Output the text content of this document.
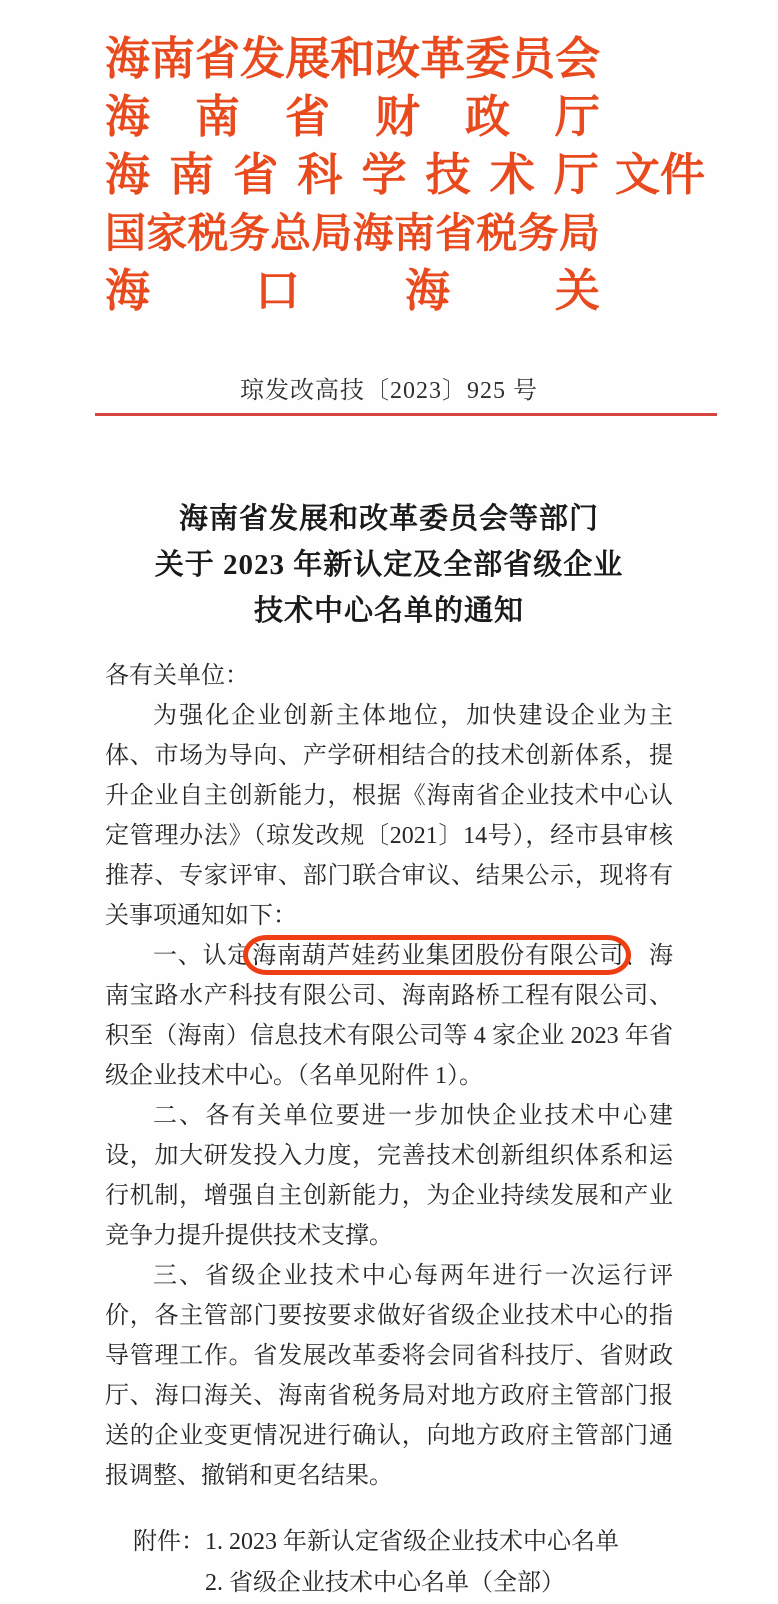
海 南 省 发 展 和 改 革 委 员 会
海 南 省 财 政 厅
海 南 省 科 学 技 术 厅 文件
国 家 税 务 总 局 海 南 省 税 务 局
海 口 海 关
琼发改高技〔2023〕925 号
海南省发展和改革委员会等部门
关于 2023 年新认定及全部省级企业
技术中心名单的通知

各有关单位：

为强化企业创新主体地位，加快建设企业为主体、市场为导向、产学研相结合的技术创新体系，提升企业自主创新能力，根据《海南省企业技术中心认定管理办法》（琼发改规〔2021〕14号），经市县审核推荐、专家评审、部门联合审议、结果公示，现将有关事项通知如下：

一、认定海南葫芦娃药业集团股份有限公司、海南宝路水产科技有限公司、海南路桥工程有限公司、积至（海南）信息技术有限公司等 4 家企业 2023 年省级企业技术中心。（名单见附件 1）。

二、各有关单位要进一步加快企业技术中心建设，加大研发投入力度，完善技术创新组织体系和运行机制，增强自主创新能力，为企业持续发展和产业竞争力提升提供技术支撑。

三、省级企业技术中心每两年进行一次运行评价，各主管部门要按要求做好省级企业技术中心的指导管理工作。省发展改革委将会同省科技厅、省财政厅、海口海关、海南省税务局对地方政府主管部门报送的企业变更情况进行确认，向地方政府主管部门通报调整、撤销和更名结果。

附件： 1. 2023 年新认定省级企业技术中心名单
2. 省级企业技术中心名单（全部）
